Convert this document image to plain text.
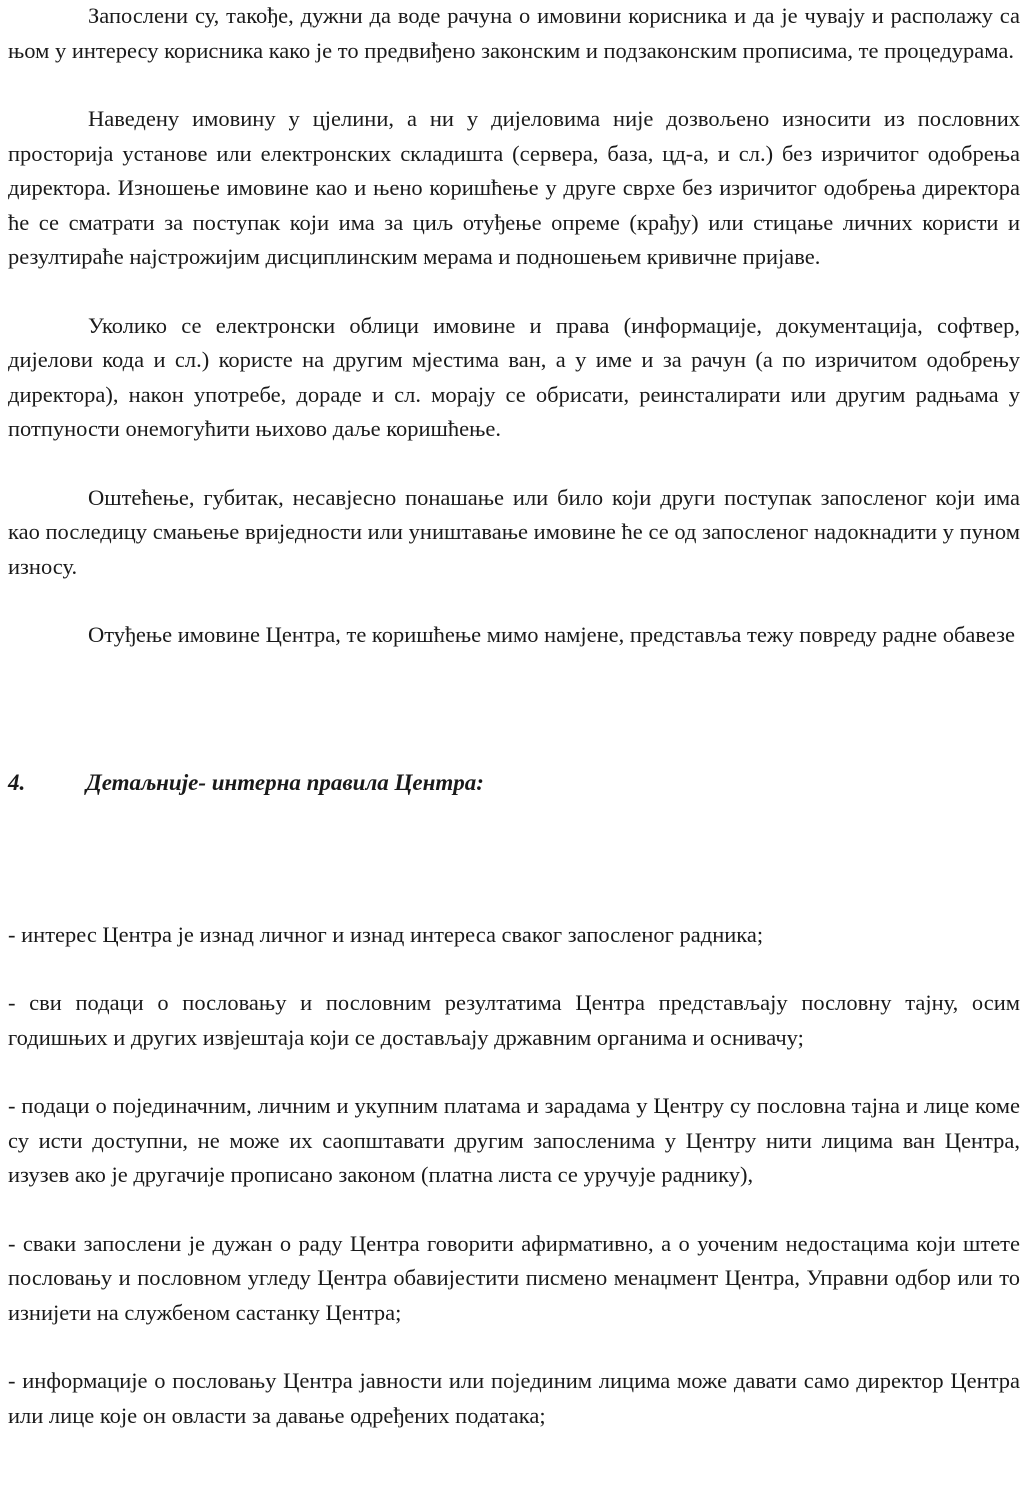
Запослени су, такође, дужни да воде рачуна о имовини корисника и да је чувају и располажу са њом у интересу корисника како је то предвиђено законским и подзаконским прописима, те процедурама.

Наведену имовину у цјелини, а ни у дијеловима није дозвољено износити из пословних просторија установе или електронских складишта (сервера, база, цд-а, и сл.) без изричитог одобрења директора. Изношење имовине као и њено коришћење у друге сврхе без изричитог одобрења директора ће се сматрати за поступак који има за циљ отуђење опреме (крађу) или стицање личних користи и резултираће најстрожијим дисциплинским мерама и подношењем кривичне пријаве.

Уколико се електронски облици имовине и права (информације, документација, софтвер, дијелови кода и сл.) користе на другим мјестима ван, а у име и за рачун (а по изричитом одобрењу директора), након употребе, дораде и сл. морају се обрисати, реинсталирати или другим радњама у потпуности онемогућити њихово даље коришћење.

Оштећење, губитак, несавјесно понашање или било који други поступак запосленог који има као последицу смањење вриједности или уништавање имовине ће се од запосленог надокнадити у пуном износу.

Отуђење имовине Центра, те коришћење мимо намјене, представља тежу повреду радне обавезе

4.	Детаљније- интерна правила Центра:

- интерес Центра је изнад личног и изнад интереса сваког запосленог радника;

- сви подаци о пословању и пословним резултатима Центра представљају пословну тајну, осим годишњих и других извјештаја који се достављају државним органима и оснивачу;

- подаци о појединачним, личним и укупним платама и зарадама у Центру су пословна тајна и лице коме су исти доступни, не може их саопштавати другим запосленима у Центру нити лицима ван Центра, изузев ако је другачије прописано законом (платна листа се уручује раднику),

- сваки запослени је дужан о раду Центра говорити афирмативно, а о уоченим недостацима који штете пословању и пословном угледу Центра обавијестити писмено менаџмент Центра, Управни одбор или то изнијети на службеном састанку Центра;

- информације о пословању Центра јавности или појединим лицима може давати само директор Центра или лице које он овласти за давање одређених података;
